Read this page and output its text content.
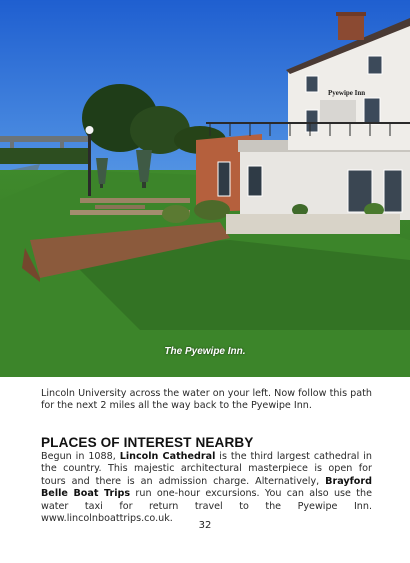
Pyewipe Inn
The Pyewipe Inn.

Lincoln University across the water on your left. Now follow this path for the next 2 miles all the way back to the Pyewipe Inn.

PLACES OF INTEREST NEARBY

Begun in 1088, Lincoln Cathedral is the third largest cathedral in the country. This majestic architectural masterpiece is open for tours and there is an admission charge. Alternatively, Brayford Belle Boat Trips run one-hour excursions. You can also use the water taxi for return travel to the Pyewipe Inn. www.lincolnboattrips.co.uk.

32
